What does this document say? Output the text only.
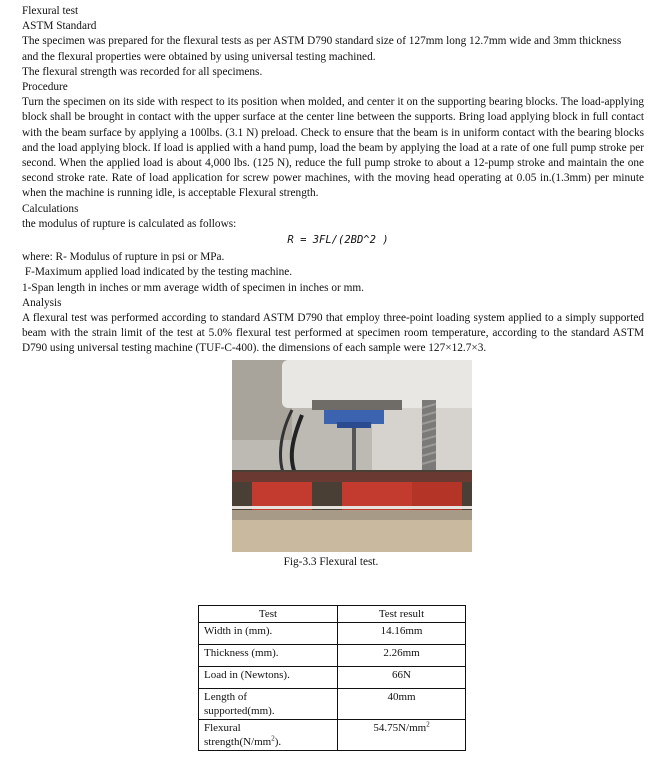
Flexural test
ASTM Standard
The specimen was prepared for the flexural tests as per ASTM D790 standard size of 127mm long 12.7mm wide and 3mm thickness
and the flexural properties were obtained by using universal testing machined.
The flexural strength was recorded for all specimens.
Procedure
Turn the specimen on its side with respect to its position when molded, and center it on the supporting bearing blocks. The load-applying block shall be brought in contact with the upper surface at the center line between the supports. Bring load applying block in full contact with the beam surface by applying a 100lbs. (3.1 N) preload. Check to ensure that the beam is in uniform contact with the bearing blocks and the load applying block. If load is applied with a hand pump, load the beam by applying the load at a rate of one full pump stroke per second. When the applied load is about 4,000 lbs. (125 N), reduce the full pump stroke to about a 12-pump stroke and maintain the one second stroke rate. Rate of load application for screw power machines, with the moving head operating at 0.05 in.(1.3mm) per minute when the machine is running idle, is acceptable Flexural strength.
Calculations
the modulus of rupture is calculated as follows:
R = 3FL/(2BD^2 )
where: R- Modulus of rupture in psi or MPa.
F-Maximum applied load indicated by the testing machine.
1-Span length in inches or mm average width of specimen in inches or mm.
Analysis
A flexural test was performed according to standard ASTM D790 that employ three-point loading system applied to a simply supported beam with the strain limit of the test at 5.0% flexural test performed at specimen room temperature, according to the standard ASTM D790 using universal testing machine (TUF-C-400). the dimensions of each sample were 127×12.7×3.
Fig-3.3 Flexural test.
Test	Test result
Width in (mm).	14.16mm
Thickness (mm).	2.26mm
Load in (Newtons).	66N
Length of
supported(mm).	40mm
Flexural
$strength(N/mm^2)$.	$54.75N/mm^2$
